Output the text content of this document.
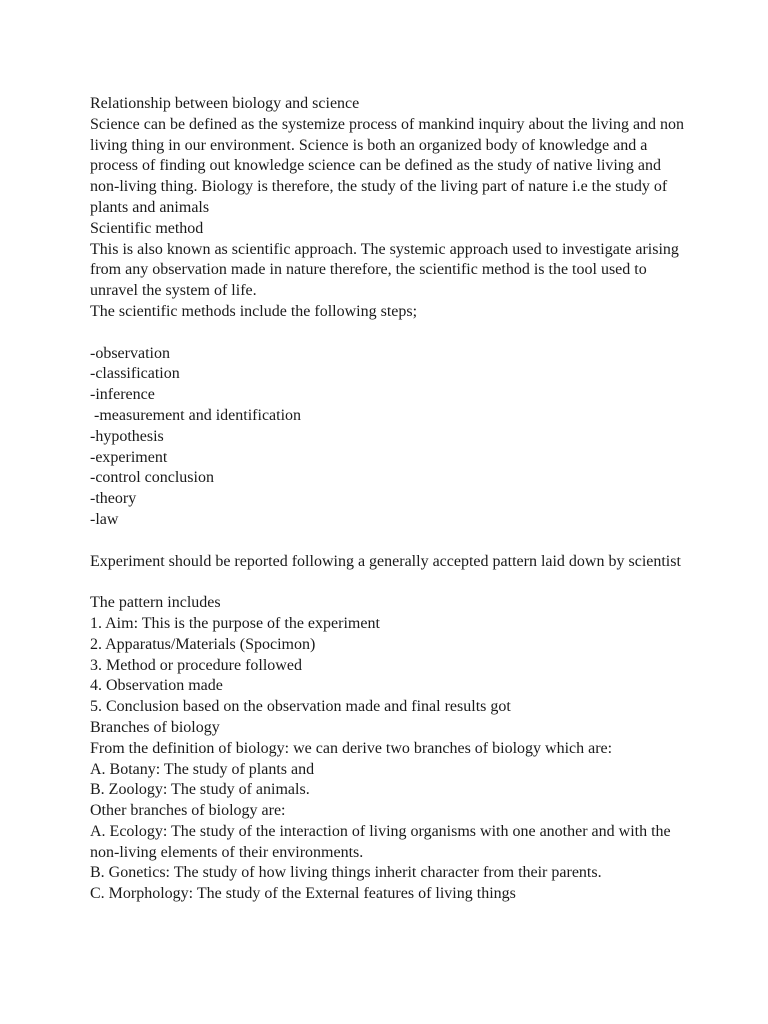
Relationship between biology and science
Science can be defined as the systemize process of mankind inquiry about the living and non living thing in our environment. Science is both an organized body of knowledge and a process of finding out knowledge science can be defined as the study of native living and non-living thing. Biology is therefore, the study of the living part of nature i.e the study of plants and animals
Scientific method
This is also known as scientific approach. The systemic approach used to investigate arising from any observation made in nature therefore, the scientific method is the tool used to unravel the system of life.
The scientific methods include the following steps;
-observation
-classification
-inference
-measurement and identification
-hypothesis
-experiment
-control conclusion
-theory
-law
Experiment should be reported following a generally accepted pattern laid down by scientist
The pattern includes
1. Aim: This is the purpose of the experiment
2. Apparatus/Materials (Spocimon)
3. Method or procedure followed
4. Observation made
5. Conclusion based on the observation made and final results got
Branches of biology
From the definition of biology: we can derive two branches of biology which are:
A. Botany: The study of plants and
B. Zoology: The study of animals.
Other branches of biology are:
A. Ecology: The study of the interaction of living organisms with one another and with the non-living elements of their environments.
B. Gonetics: The study of how living things inherit character from their parents.
C. Morphology: The study of the External features of living things
